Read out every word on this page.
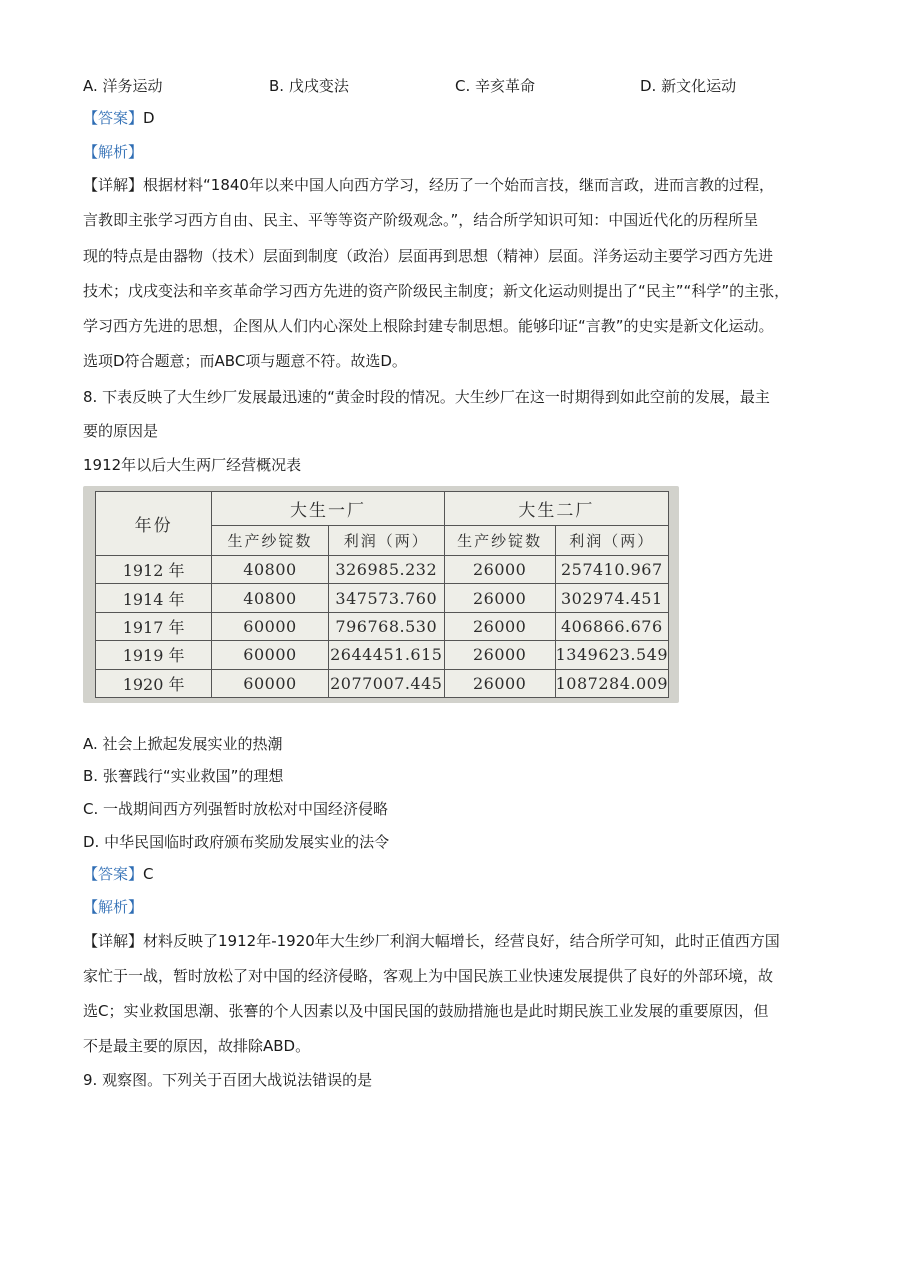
A. 洋务运动	B. 戊戌变法	C. 辛亥革命	D. 新文化运动
【答案】D
【解析】
【详解】根据材料“1840年以来中国人向西方学习，经历了一个始而言技，继而言政，进而言教的过程，
言教即主张学习西方自由、民主、平等等资产阶级观念。”，结合所学知识可知：中国近代化的历程所呈
现的特点是由器物（技术）层面到制度（政治）层面再到思想（精神）层面。洋务运动主要学习西方先进
技术；戊戌变法和辛亥革命学习西方先进的资产阶级民主制度；新文化运动则提出了“民主”“科学”的主张，
学习西方先进的思想，企图从人们内心深处上根除封建专制思想。能够印证“言教”的史实是新文化运动。
选项D符合题意；而ABC项与题意不符。故选D。
8. 下表反映了大生纱厂发展最迅速的“黄金时段的情况。大生纱厂在这一时期得到如此空前的发展，最主
要的原因是
1912年以后大生两厂经营概况表
年份	大生一厂		大生二厂	
	生产纱锭数	利润（两）	生产纱锭数	利润（两）
1912 年	40800	326985.232	26000	257410.967
1914 年	40800	347573.760	26000	302974.451
1917 年	60000	796768.530	26000	406866.676
1919 年	60000	2644451.615	26000	1349623.549
1920 年	60000	2077007.445	26000	1087284.009
A. 社会上掀起发展实业的热潮
B. 张謇践行“实业救国”的理想
C. 一战期间西方列强暂时放松对中国经济侵略
D. 中华民国临时政府颁布奖励发展实业的法令
【答案】C
【解析】
【详解】材料反映了1912年-1920年大生纱厂利润大幅增长，经营良好，结合所学可知，此时正值西方国
家忙于一战，暂时放松了对中国的经济侵略，客观上为中国民族工业快速发展提供了良好的外部环境，故
选C；实业救国思潮、张謇的个人因素以及中国民国的鼓励措施也是此时期民族工业发展的重要原因，但
不是最主要的原因，故排除ABD。
9. 观察图。下列关于百团大战说法错误的是
